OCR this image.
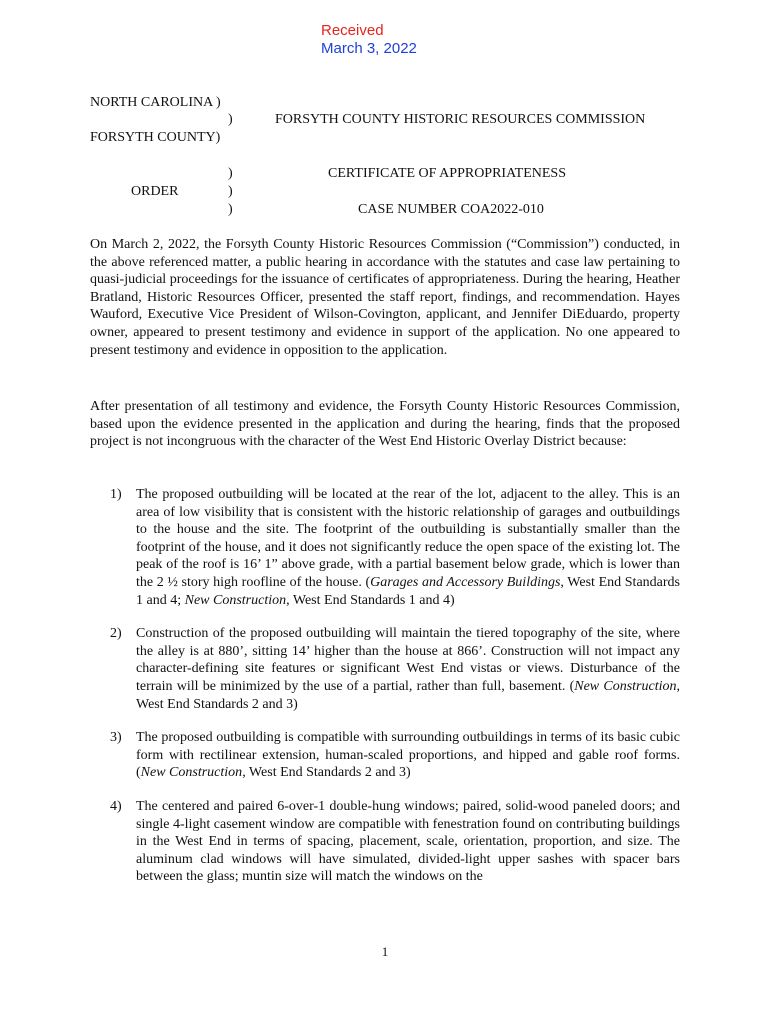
Received
March 3, 2022
NORTH CAROLINA )
FORSYTH COUNTY)
ORDER
)
)
)
)
FORSYTH COUNTY HISTORIC RESOURCES COMMISSION
CERTIFICATE OF APPROPRIATENESS
CASE NUMBER COA2022-010

On March 2, 2022, the Forsyth County Historic Resources Commission (“Commission”) conducted, in the above referenced matter, a public hearing in accordance with the statutes and case law pertaining to quasi-judicial proceedings for the issuance of certificates of appropriateness. During the hearing, Heather Bratland, Historic Resources Officer, presented the staff report, findings, and recommendation. Hayes Wauford, Executive Vice President of Wilson-Covington, applicant, and Jennifer DiEduardo, property owner, appeared to present testimony and evidence in support of the application. No one appeared to present testimony and evidence in opposition to the application.

After presentation of all testimony and evidence, the Forsyth County Historic Resources Commission, based upon the evidence presented in the application and during the hearing, finds that the proposed project is not incongruous with the character of the West End Historic Overlay District because:

1) The proposed outbuilding will be located at the rear of the lot, adjacent to the alley. This is an area of low visibility that is consistent with the historic relationship of garages and outbuildings to the house and the site. The footprint of the outbuilding is substantially smaller than the footprint of the house, and it does not significantly reduce the open space of the existing lot. The peak of the roof is 16’ 1” above grade, with a partial basement below grade, which is lower than the 2 ½ story high roofline of the house. (Garages and Accessory Buildings, West End Standards 1 and 4; New Construction, West End Standards 1 and 4)
2) Construction of the proposed outbuilding will maintain the tiered topography of the site, where the alley is at 880’, sitting 14’ higher than the house at 866’. Construction will not impact any character-defining site features or significant West End vistas or views. Disturbance of the terrain will be minimized by the use of a partial, rather than full, basement. (New Construction, West End Standards 2 and 3)
3) The proposed outbuilding is compatible with surrounding outbuildings in terms of its basic cubic form with rectilinear extension, human-scaled proportions, and hipped and gable roof forms. (New Construction, West End Standards 2 and 3)
4) The centered and paired 6-over-1 double-hung windows; paired, solid-wood paneled doors; and single 4-light casement window are compatible with fenestration found on contributing buildings in the West End in terms of spacing, placement, scale, orientation, proportion, and size. The aluminum clad windows will have simulated, divided-light upper sashes with spacer bars between the glass; muntin size will match the windows on the
1
